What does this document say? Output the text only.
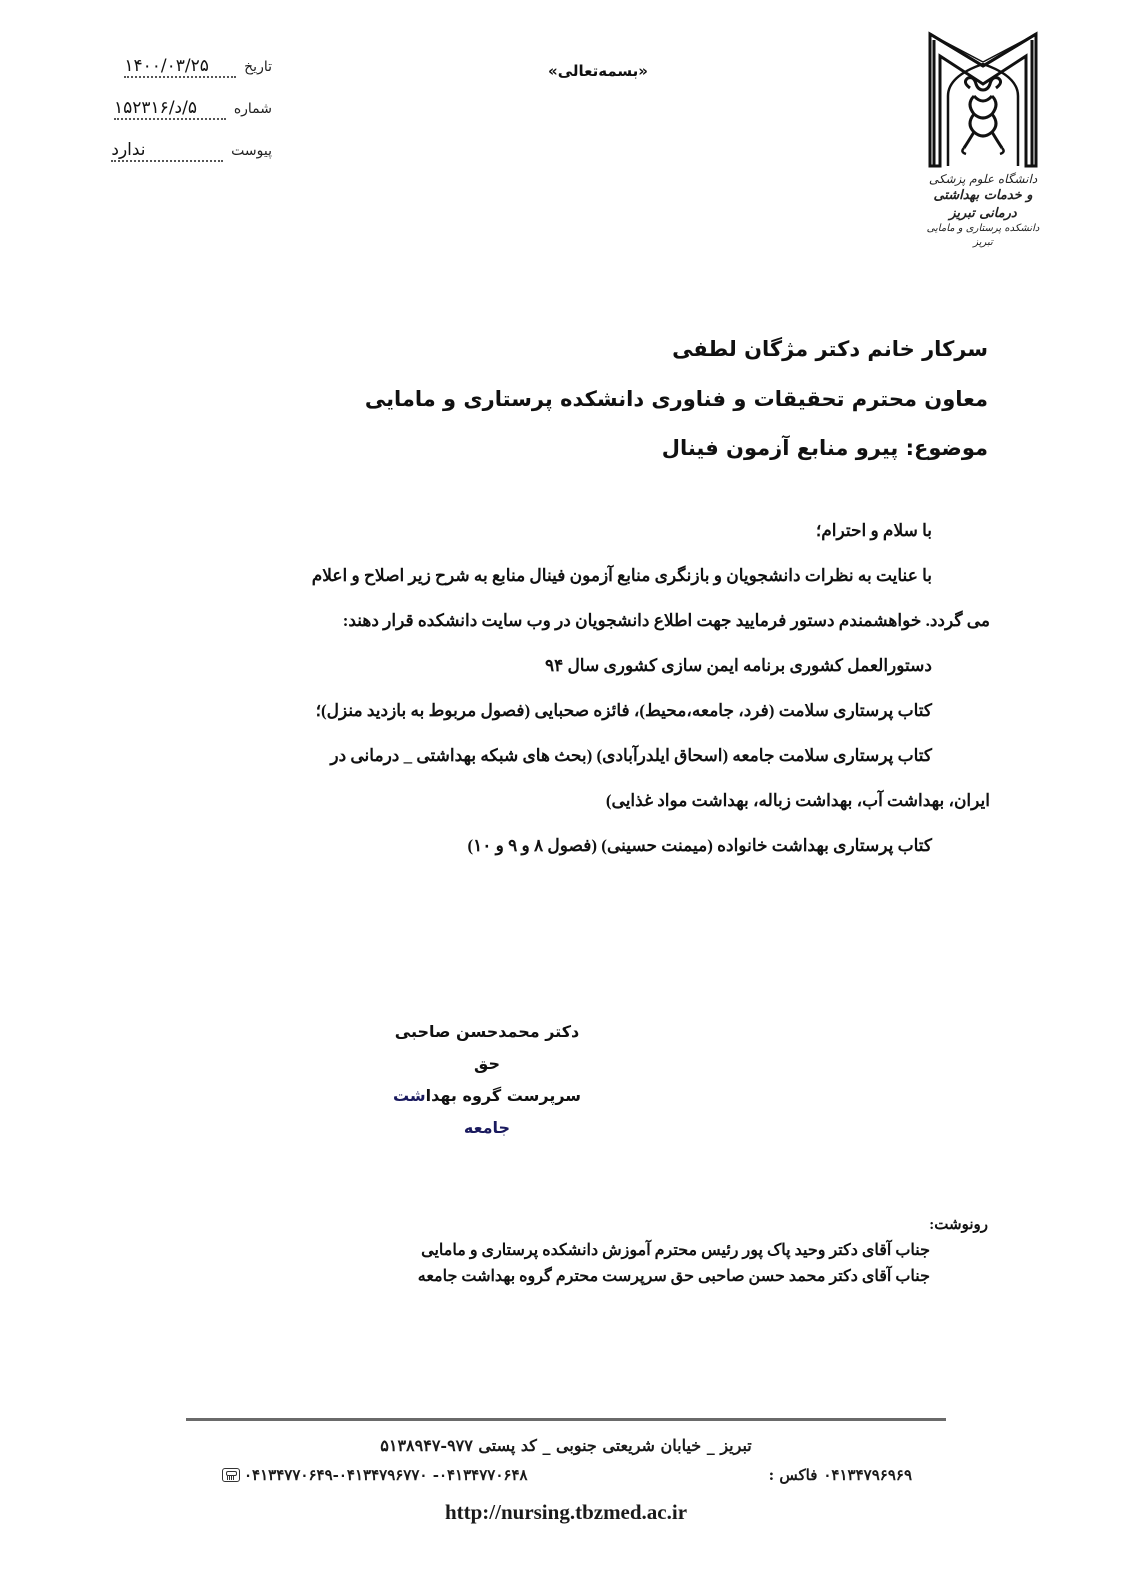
تاریخ ۱۴۰۰/۰۳/۲۵
شماره ۵/د/۱۵۲۳۱۶
پیوست ندارد
«بسمه‌تعالی»
دانشگاه علوم پزشکی
و خدمات بهداشتی درمانی تبریز
دانشکده پرستاری و مامایی تبریز
سرکار خانم دکتر مژگان لطفی
معاون محترم تحقیقات و فناوری دانشکده پرستاری و مامایی
موضوع: پیرو منابع آزمون فینال

با سلام و احترام؛

با عنایت به نظرات دانشجویان و بازنگری منابع آزمون فینال منابع به شرح زیر اصلاح و اعلام

می گردد. خواهشمندم دستور فرمایید جهت اطلاع دانشجویان در وب سایت دانشکده قرار دهند:

دستورالعمل کشوری برنامه ایمن سازی کشوری سال ۹۴

کتاب پرستاری سلامت (فرد، جامعه،محیط)، فائزه صحبایی (فصول مربوط به بازدید منزل)؛

کتاب پرستاری سلامت جامعه (اسحاق ایلدرآبادی) (بحث های شبکه بهداشتی _ درمانی در

ایران، بهداشت آب، بهداشت زباله، بهداشت مواد غذایی)

کتاب پرستاری بهداشت خانواده (میمنت حسینی) (فصول ۸ و ۹ و ۱۰)

دکتر محمدحسن صاحبی حق
سرپرست گروه بهداشت جامعه
رونوشت:
جناب آقای دکتر وحید پاک پور رئیس محترم آموزش دانشکده پرستاری و مامایی
جناب آقای دکتر محمد حسن صاحبی حق سرپرست محترم گروه بهداشت جامعه
تبریز _ خیابان شریعتی جنوبی _ کد پستی ۹۷۷-۵۱۳۸۹۴۷
۰۴۱۳۴۷۹۶۹۶۹
فاکس :
۰۴۱۳۴۷۷۰۶۴۸- ۰۴۱۳۴۷۷۰۶۴۹-۰۴۱۳۴۷۹۶۷۷۰
http://nursing.tbzmed.ac.ir
